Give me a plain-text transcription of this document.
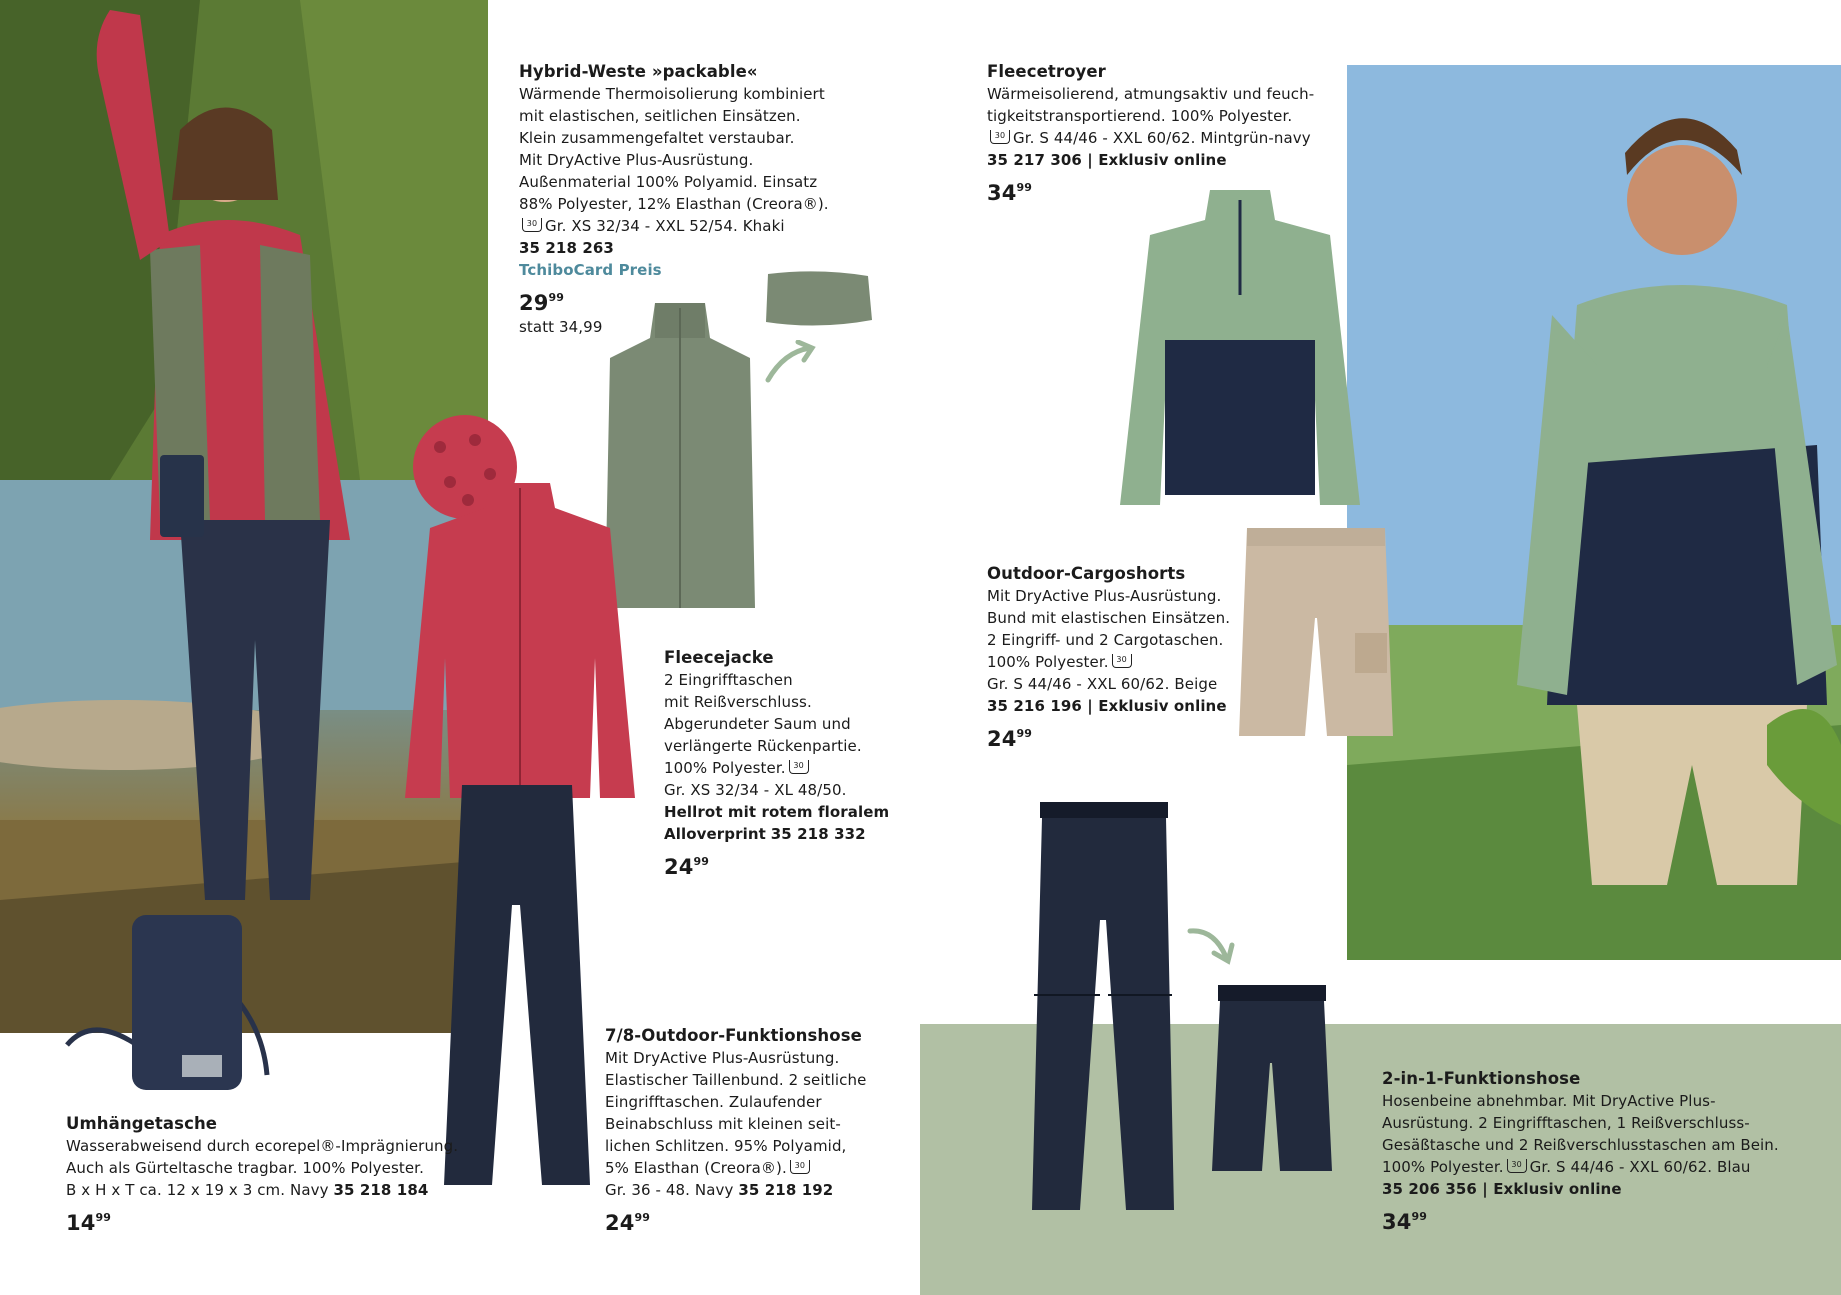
Hybrid-Weste »packable«
Wärmende Thermoisolierung kombiniert
mit elastischen, seitlichen Einsätzen.
Klein zusammengefaltet verstaubar.
Mit DryActive Plus-Ausrüstung.
Außenmaterial 100% Polyamid. Einsatz
88% Polyester, 12% Elasthan (Creora®).
30 Gr. XS 32/34 - XXL 52/54. Khaki
35 218 263
TchiboCard Preis
$29^{99}$
statt 34,99
Fleecetroyer
Wärmeisolierend, atmungsaktiv und feuch-
tigkeitstransportierend. 100% Polyester.
30 Gr. S 44/46 - XXL 60/62. Mintgrün-navy
35 217 306 | Exklusiv online
$34^{99}$
Fleecejacke
2 Eingrifftaschen
mit Reißverschluss.
Abgerundeter Saum und
verlängerte Rückenpartie.
100% Polyester. 30
Gr. XS 32/34 - XL 48/50.
Hellrot mit rotem floralem
Alloverprint 35 218 332
$24^{99}$
Outdoor-Cargoshorts
Mit DryActive Plus-Ausrüstung.
Bund mit elastischen Einsätzen.
2 Eingriff- und 2 Cargotaschen.
100% Polyester. 30
Gr. S 44/46 - XXL 60/62. Beige
35 216 196 | Exklusiv online
$24^{99}$
Umhängetasche
Wasserabweisend durch ecorepel®-Imprägnierung.
Auch als Gürteltasche tragbar. 100% Polyester.
B x H x T ca. 12 x 19 x 3 cm. Navy 35 218 184
$14^{99}$
7/8-Outdoor-Funktionshose
Mit DryActive Plus-Ausrüstung.
Elastischer Taillenbund. 2 seitliche
Eingrifftaschen. Zulaufender
Beinabschluss mit kleinen seit-
lichen Schlitzen. 95% Polyamid,
5% Elasthan (Creora®). 30
Gr. 36 - 48. Navy 35 218 192
$24^{99}$
2-in-1-Funktionshose
Hosenbeine abnehmbar. Mit DryActive Plus-
Ausrüstung. 2 Eingrifftaschen, 1 Reißverschluss-
Gesäßtasche und 2 Reißverschlusstaschen am Bein.
100% Polyester. 30 Gr. S 44/46 - XXL 60/62. Blau
35 206 356 | Exklusiv online
$34^{99}$
